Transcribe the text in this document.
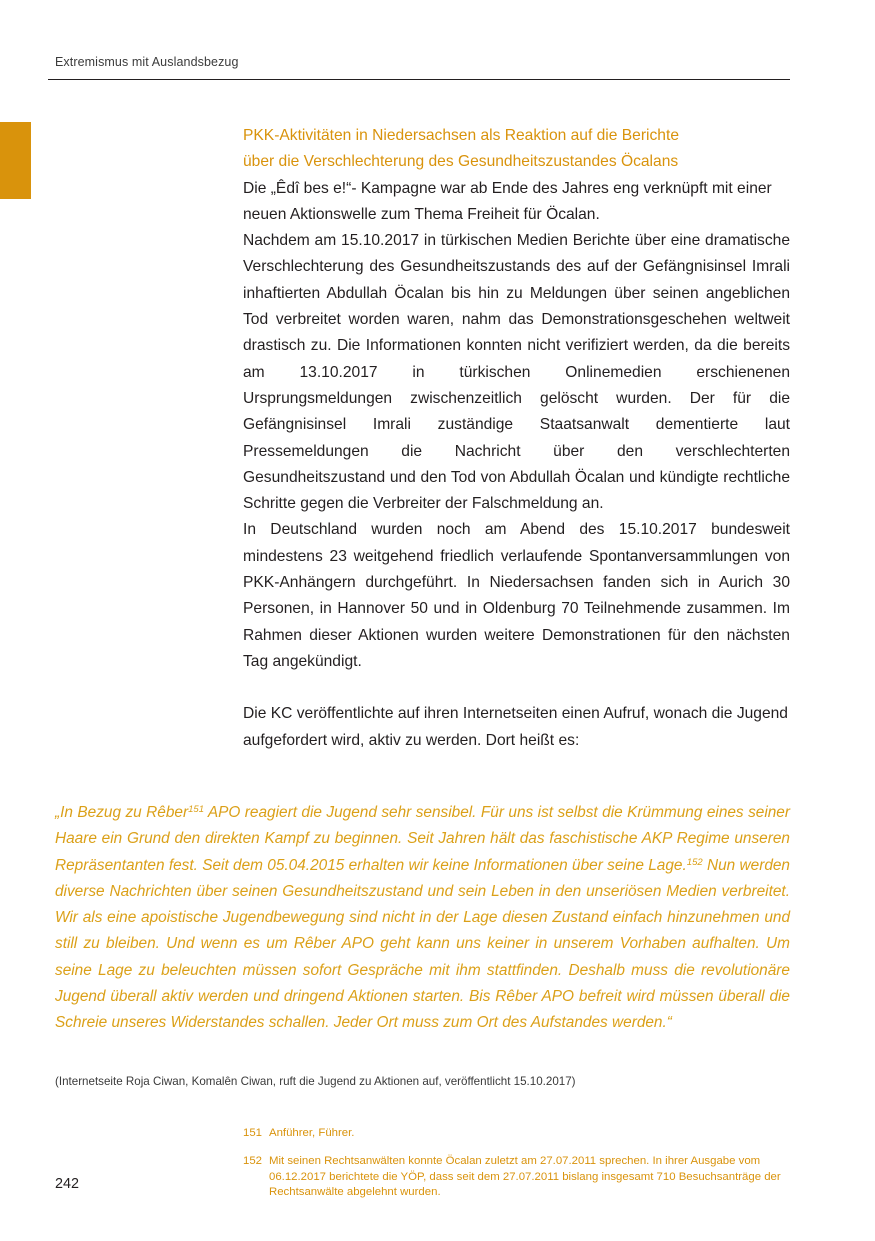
Extremismus mit Auslandsbezug
PKK-Aktivitäten in Niedersachsen als Reaktion auf die Berichte
über die Verschlechterung des Gesundheitszustandes Öcalans

Die „Êdî bes e!“- Kampagne war ab Ende des Jahres eng verknüpft mit einer neuen Aktionswelle zum Thema Freiheit für Öcalan.

Nachdem am 15.10.2017 in türkischen Medien Berichte über eine dramatische Verschlechterung des Gesundheitszustands des auf der Gefängnisinsel Imrali inhaftierten Abdullah Öcalan bis hin zu Meldungen über seinen angeblichen Tod verbreitet worden waren, nahm das Demonstrationsgeschehen weltweit drastisch zu. Die Informationen konnten nicht verifiziert werden, da die bereits am 13.10.2017 in türkischen Onlinemedien erschienenen Ursprungsmeldungen zwischenzeitlich gelöscht wurden. Der für die Gefängnisinsel Imrali zuständige Staatsanwalt dementierte laut Pressemeldungen die Nachricht über den verschlechterten Gesundheitszustand und den Tod von Abdullah Öcalan und kündigte rechtliche Schritte gegen die Verbreiter der Falschmeldung an.

In Deutschland wurden noch am Abend des 15.10.2017 bundesweit mindestens 23 weitgehend friedlich verlaufende Spontanversammlungen von PKK-Anhängern durchgeführt. In Niedersachsen fanden sich in Aurich 30 Personen, in Hannover 50 und in Oldenburg 70 Teilnehmende zusammen. Im Rahmen dieser Aktionen wurden weitere Demonstrationen für den nächsten Tag angekündigt.

Die KC veröffentlichte auf ihren Internetseiten einen Aufruf, wonach die Jugend aufgefordert wird, aktiv zu werden. Dort heißt es:

„In Bezug zu Rêber$^{151}$ APO reagiert die Jugend sehr sensibel. Für uns ist selbst die Krümmung eines seiner Haare ein Grund den direkten Kampf zu beginnen. Seit Jahren hält das faschistische AKP Regime unseren Repräsentanten fest. Seit dem 05.04.2015 erhalten wir keine Informationen über seine Lage.$^{152}$ Nun werden diverse Nachrichten über seinen Gesundheitszustand und sein Leben in den unseriösen Medien verbreitet. Wir als eine apoistische Jugendbewegung sind nicht in der Lage diesen Zustand einfach hinzunehmen und still zu bleiben. Und wenn es um Rêber APO geht kann uns keiner in unserem Vorhaben aufhalten. Um seine Lage zu beleuchten müssen sofort Gespräche mit ihm stattfinden. Deshalb muss die revolutionäre Jugend überall aktiv werden und dringend Aktionen starten. Bis Rêber APO befreit wird müssen überall die Schreie unseres Widerstandes schallen. Jeder Ort muss zum Ort des Aufstandes werden.“

(Internetseite Roja Ciwan, Komalên Ciwan, ruft die Jugend zu Aktionen auf, veröffentlicht 15.10.2017)
151 Anführer, Führer.
152 Mit seinen Rechtsanwälten konnte Öcalan zuletzt am 27.07.2011 sprechen. In ihrer Ausgabe vom 06.12.2017 berichtete die YÖP, dass seit dem 27.07.2011 bislang insgesamt 710 Besuchsanträge der Rechtsanwälte abgelehnt wurden.
242
